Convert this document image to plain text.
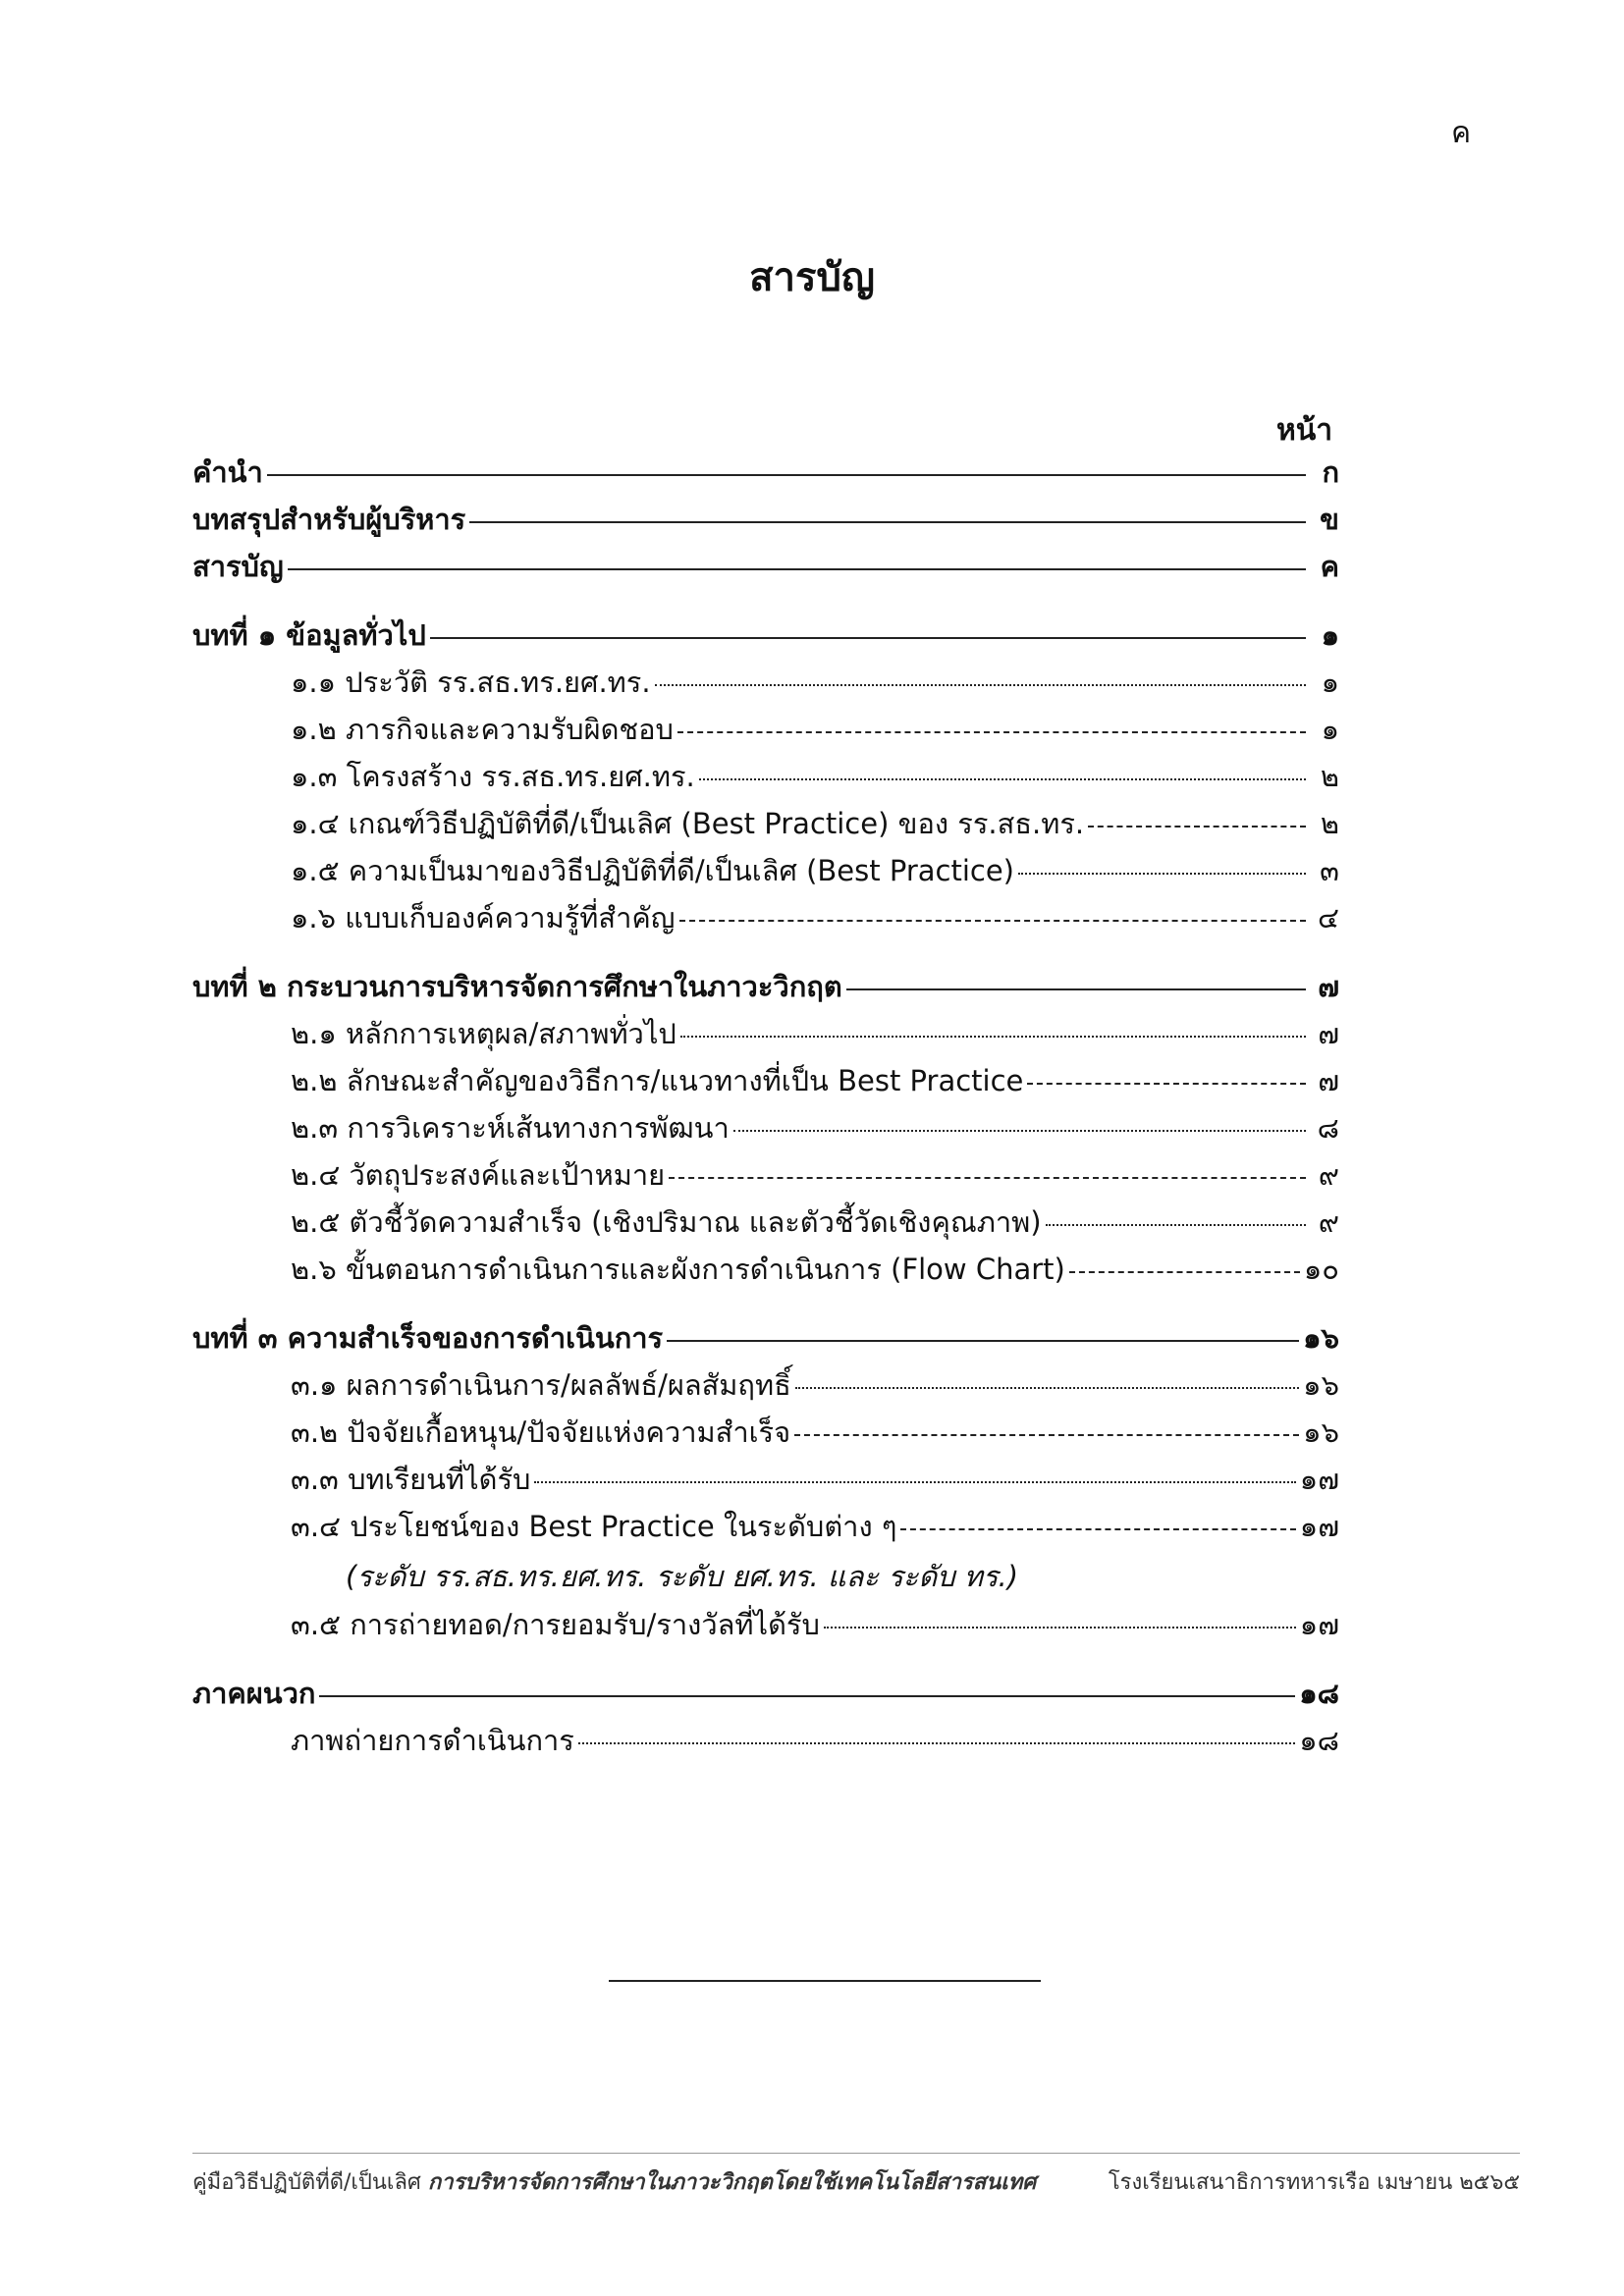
ค
สารบัญ
หน้า
คำนำ	ก
บทสรุปสำหรับผู้บริหาร	ข
สารบัญ	ค
บทที่ ๑ ข้อมูลทั่วไป	๑
๑.๑ ประวัติ รร.สธ.ทร.ยศ.ทร.	๑
๑.๒ ภารกิจและความรับผิดชอบ	๑
๑.๓ โครงสร้าง รร.สธ.ทร.ยศ.ทร.	๒
๑.๔ เกณฑ์วิธีปฏิบัติที่ดี/เป็นเลิศ (Best Practice) ของ รร.สธ.ทร.	๒
๑.๕ ความเป็นมาของวิธีปฏิบัติที่ดี/เป็นเลิศ (Best Practice)	๓
๑.๖ แบบเก็บองค์ความรู้ที่สำคัญ	๔
บทที่ ๒ กระบวนการบริหารจัดการศึกษาในภาวะวิกฤต	๗
๒.๑ หลักการเหตุผล/สภาพทั่วไป	๗
๒.๒ ลักษณะสำคัญของวิธีการ/แนวทางที่เป็น Best Practice	๗
๒.๓ การวิเคราะห์เส้นทางการพัฒนา	๘
๒.๔ วัตถุประสงค์และเป้าหมาย	๙
๒.๕ ตัวชี้วัดความสำเร็จ (เชิงปริมาณ และตัวชี้วัดเชิงคุณภาพ)	๙
๒.๖ ขั้นตอนการดำเนินการและผังการดำเนินการ (Flow Chart)	๑๐
บทที่ ๓ ความสำเร็จของการดำเนินการ	๑๖
๓.๑ ผลการดำเนินการ/ผลลัพธ์/ผลสัมฤทธิ์	๑๖
๓.๒ ปัจจัยเกื้อหนุน/ปัจจัยแห่งความสำเร็จ	๑๖
๓.๓ บทเรียนที่ได้รับ	๑๗
๓.๔ ประโยชน์ของ Best Practice ในระดับต่าง ๆ	๑๗
(ระดับ รร.สธ.ทร.ยศ.ทร. ระดับ ยศ.ทร. และ ระดับ ทร.)
๓.๕ การถ่ายทอด/การยอมรับ/รางวัลที่ได้รับ	๑๗
ภาคผนวก	๑๘
ภาพถ่ายการดำเนินการ	๑๘
คู่มือวิธีปฏิบัติที่ดี/เป็นเลิศ การบริหารจัดการศึกษาในภาวะวิกฤตโดยใช้เทคโนโลยีสารสนเทศ	โรงเรียนเสนาธิการทหารเรือ เมษายน ๒๕๖๕
